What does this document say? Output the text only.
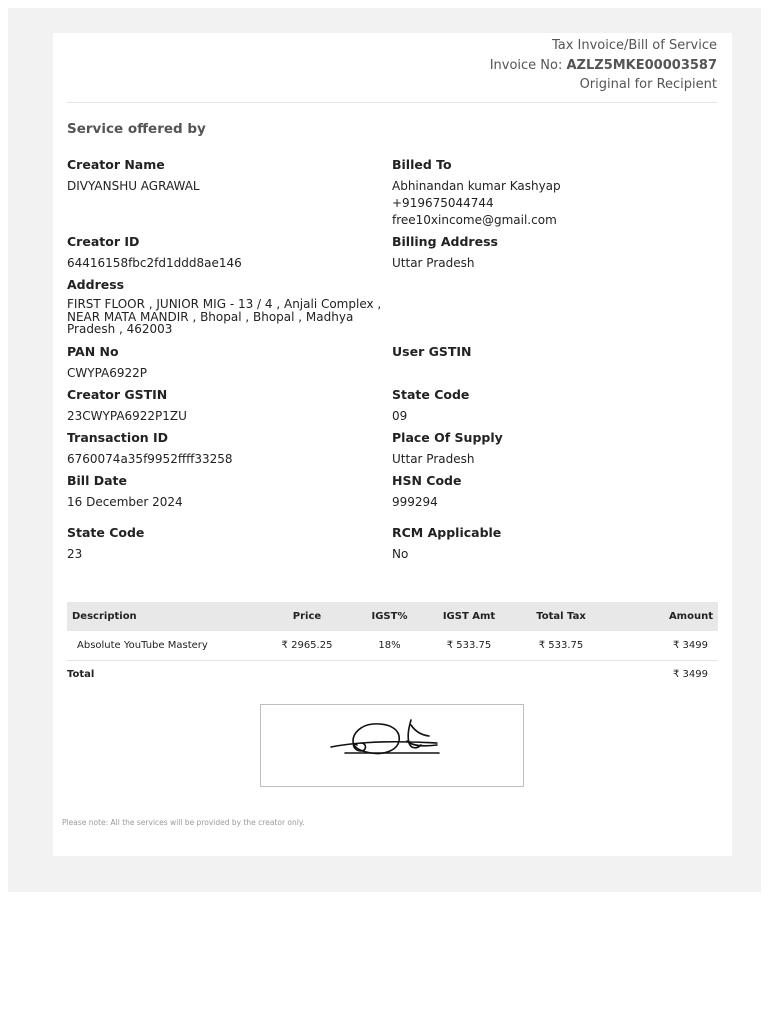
Tax Invoice/Bill of Service
Invoice No: AZLZ5MKE00003587
Original for Recipient
Service offered by
Creator Name
DIVYANSHU AGRAWAL
Creator ID
64416158fbc2fd1ddd8ae146
Address
FIRST FLOOR , JUNIOR MIG - 13 / 4 , Anjali Complex , NEAR MATA MANDIR , Bhopal , Bhopal , Madhya Pradesh , 462003
PAN No
CWYPA6922P
Creator GSTIN
23CWYPA6922P1ZU
Transaction ID
6760074a35f9952ffff33258
Bill Date
16 December 2024
State Code
23
Billed To
Abhinandan kumar Kashyap
+919675044744
free10xincome@gmail.com
Billing Address
Uttar Pradesh
User GSTIN
State Code
09
Place Of Supply
Uttar Pradesh
HSN Code
999294
RCM Applicable
No
Description	Price	IGST%	IGST Amt	Total Tax	Amount
Absolute YouTube Mastery	₹ 2965.25	18%	₹ 533.75	₹ 533.75	₹ 3499
Total					₹ 3499
Please note: All the services will be provided by the creator only.
